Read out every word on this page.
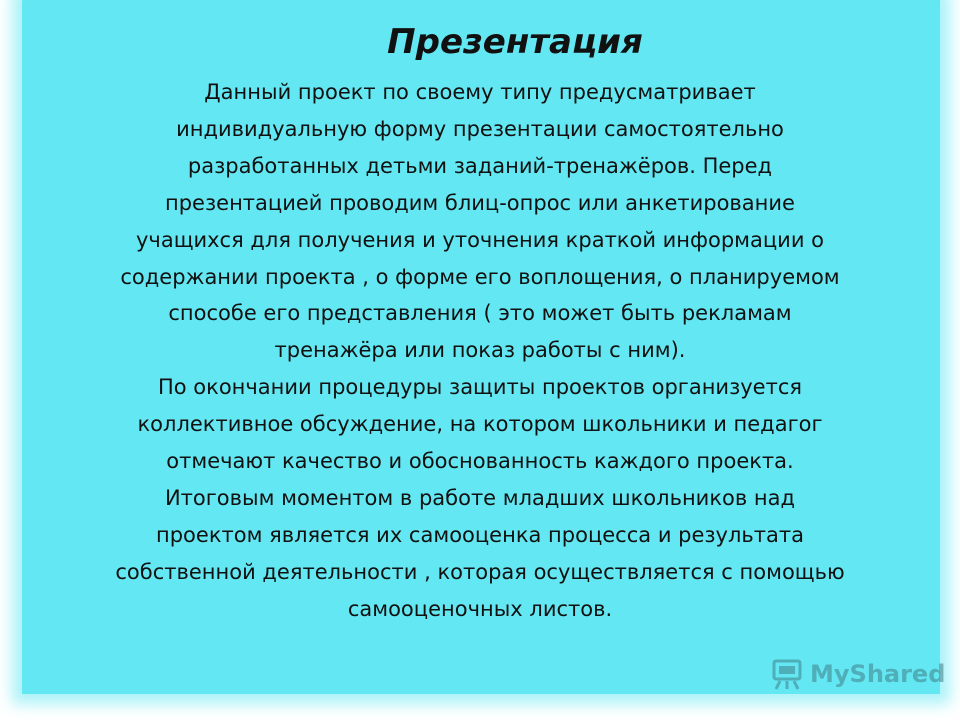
Презентация
Данный проект по своему типу предусматривает
индивидуальную форму презентации самостоятельно
разработанных детьми заданий-тренажёров. Перед
презентацией проводим блиц-опрос или анкетирование
учащихся для получения и уточнения краткой информации о
содержании проекта , о форме его воплощения, о планируемом
способе его представления ( это может быть рекламам
тренажёра или показ работы с ним).
По окончании процедуры защиты проектов организуется
коллективное обсуждение, на котором школьники и педагог
отмечают качество и обоснованность каждого проекта.
Итоговым моментом в работе младших школьников над
проектом является их самооценка процесса и результата
собственной деятельности , которая осуществляется с помощью
самооценочных листов.
MyShared
